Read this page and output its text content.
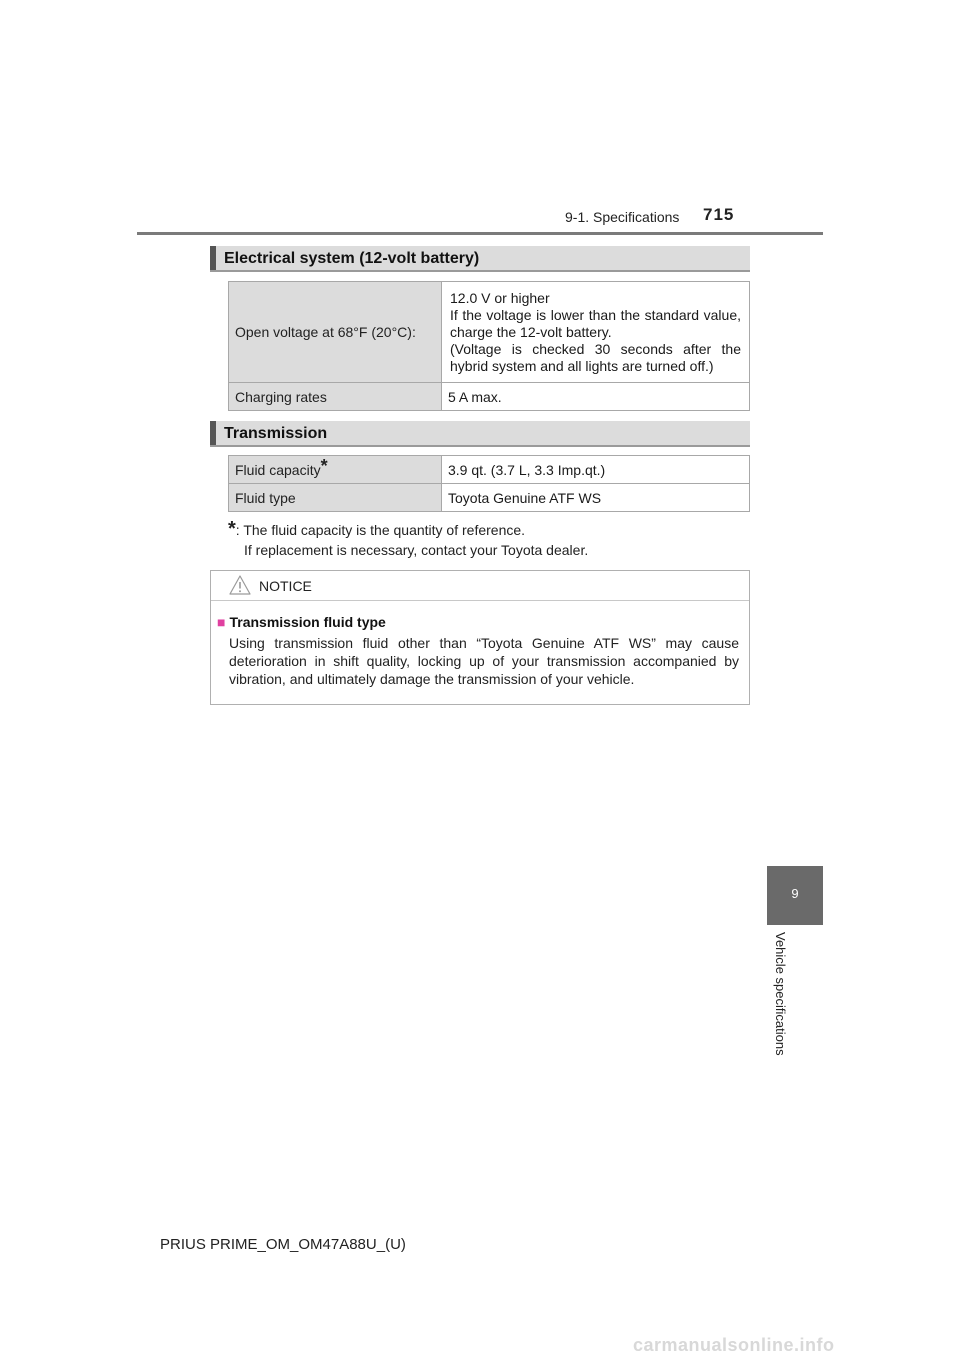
9-1. Specifications 715
Electrical system (12-volt battery)
Open voltage at 68°F (20°C):	12.0 V or higher
If the voltage is lower than the standard value, charge the 12-volt battery.
(Voltage is checked 30 seconds after the hybrid system and all lights are turned off.)

Charging rates	5 A max.
Transmission
Fluid capacity*	3.9 qt. (3.7 L, 3.3 Imp.qt.)
Fluid type	Toyota Genuine ATF WS
*: The fluid capacity is the quantity of reference.
If replacement is necessary, contact your Toyota dealer.
NOTICE
■ Transmission fluid type
Using transmission fluid other than “Toyota Genuine ATF WS” may cause deterioration in shift quality, locking up of your transmission accompanied by vibration, and ultimately damage the transmission of your vehicle.
9
Vehicle specifications
PRIUS PRIME_OM_OM47A88U_(U)
carmanualsonline.info
